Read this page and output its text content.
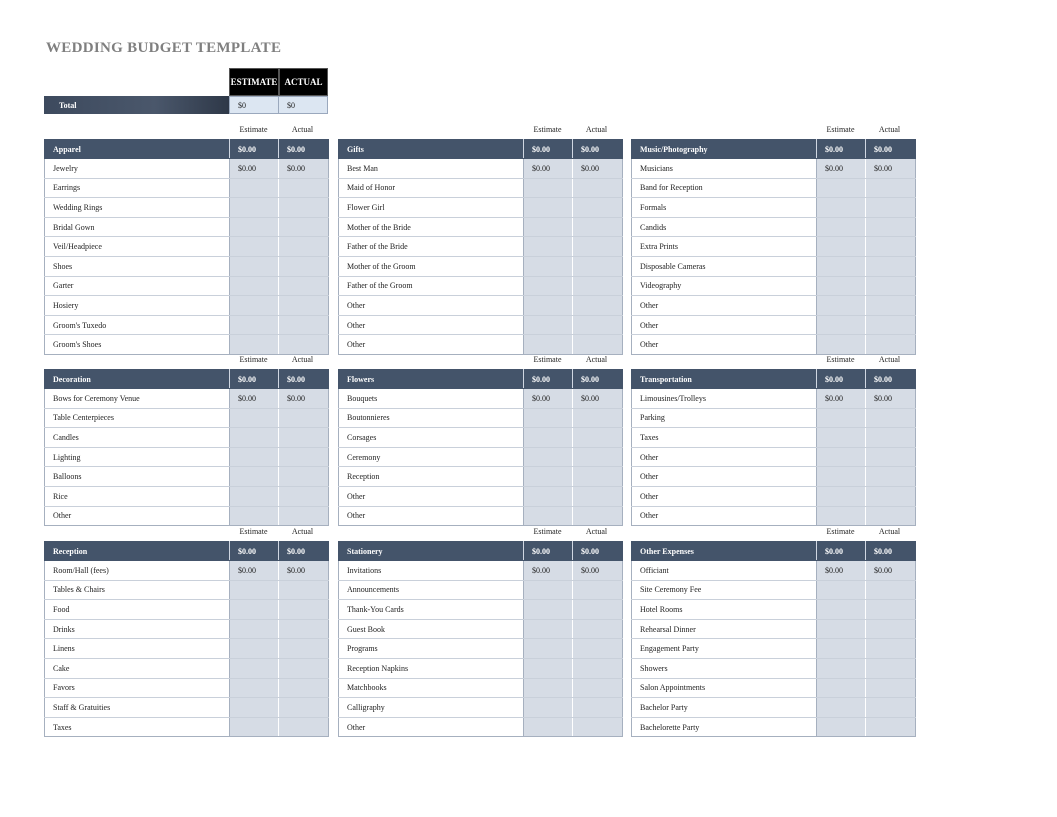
WEDDING BUDGET TEMPLATE
ESTIMATE ACTUAL
Total	$0	$0
Estimate	Actual
Apparel	$0.00	$0.00
Jewelry	$0.00	$0.00
Earrings		
Wedding Rings		
Bridal Gown		
Veil/Headpiece		
Shoes		
Garter		
Hosiery		
Groom's Tuxedo		
Groom's Shoes		
Estimate	Actual
Gifts	$0.00	$0.00
Best Man	$0.00	$0.00
Maid of Honor		
Flower Girl		
Mother of the Bride		
Father of the Bride		
Mother of the Groom		
Father of the Groom		
Other		
Other		
Other		
Estimate	Actual
Music/Photography	$0.00	$0.00
Musicians	$0.00	$0.00
Band for Reception		
Formals		
Candids		
Extra Prints		
Disposable Cameras		
Videography		
Other		
Other		
Other		
Estimate	Actual
Decoration	$0.00	$0.00
Bows for Ceremony Venue	$0.00	$0.00
Table Centerpieces		
Candles		
Lighting		
Balloons		
Rice		
Other		
Estimate	Actual
Flowers	$0.00	$0.00
Bouquets	$0.00	$0.00
Boutonnieres		
Corsages		
Ceremony		
Reception		
Other		
Other		
Estimate	Actual
Transportation	$0.00	$0.00
Limousines/Trolleys	$0.00	$0.00
Parking		
Taxes		
Other		
Other		
Other		
Other		
Estimate	Actual
Reception	$0.00	$0.00
Room/Hall (fees)	$0.00	$0.00
Tables & Chairs		
Food		
Drinks		
Linens		
Cake		
Favors		
Staff & Gratuities		
Taxes		
Estimate	Actual
Stationery	$0.00	$0.00
Invitations	$0.00	$0.00
Announcements		
Thank-You Cards		
Guest Book		
Programs		
Reception Napkins		
Matchbooks		
Calligraphy		
Other		
Estimate	Actual
Other Expenses	$0.00	$0.00
Officiant	$0.00	$0.00
Site Ceremony Fee		
Hotel Rooms		
Rehearsal Dinner		
Engagement Party		
Showers		
Salon Appointments		
Bachelor Party		
Bachelorette Party		
